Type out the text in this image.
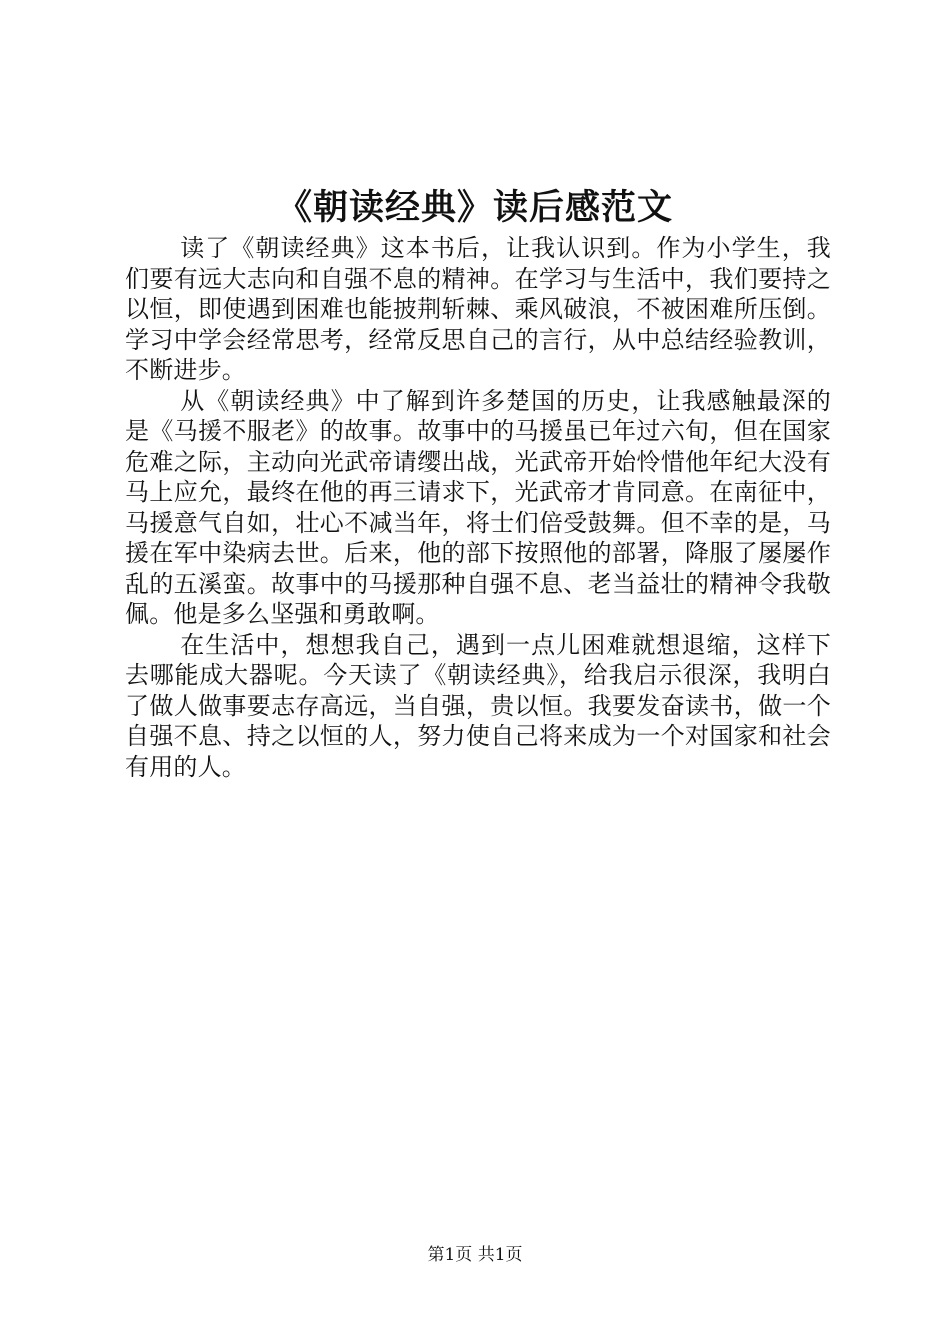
《朝读经典》读后感范文

读了《朝读经典》这本书后，让我认识到。作为小学生，我们要有远大志向和自强不息的精神。在学习与生活中，我们要持之以恒，即使遇到困难也能披荆斩棘、乘风破浪，不被困难所压倒。学习中学会经常思考，经常反思自己的言行，从中总结经验教训，不断进步。

从《朝读经典》中了解到许多楚国的历史，让我感触最深的是《马援不服老》的故事。故事中的马援虽已年过六旬，但在国家危难之际，主动向光武帝请缨出战，光武帝开始怜惜他年纪大没有马上应允，最终在他的再三请求下，光武帝才肯同意。在南征中，马援意气自如，壮心不减当年，将士们倍受鼓舞。但不幸的是，马援在军中染病去世。后来，他的部下按照他的部署，降服了屡屡作乱的五溪蛮。故事中的马援那种自强不息、老当益壮的精神令我敬佩。他是多么坚强和勇敢啊。

在生活中，想想我自己，遇到一点儿困难就想退缩，这样下去哪能成大器呢。今天读了《朝读经典》，给我启示很深，我明白了做人做事要志存高远，当自强，贵以恒。我要发奋读书，做一个自强不息、持之以恒的人，努力使自己将来成为一个对国家和社会有用的人。

第1页 共1页
